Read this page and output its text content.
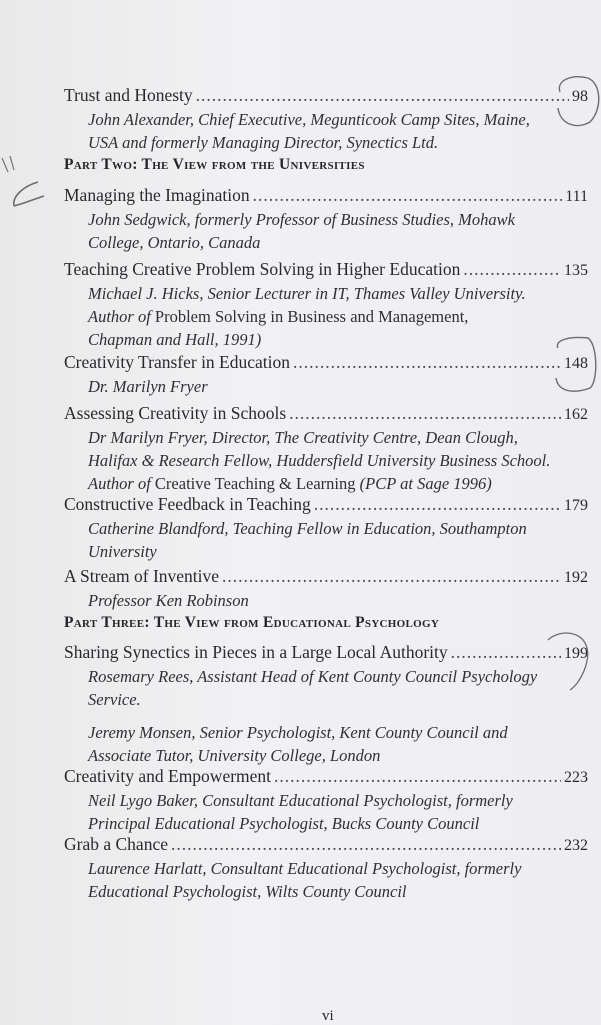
Trust and Honesty .....	98
John Alexander, Chief Executive, Megunticook Camp Sites, Maine,
USA and formerly Managing Director, Synectics Ltd.
Part Two: The View from the Universities
Managing the Imagination .....	111
John Sedgwick, formerly Professor of Business Studies, Mohawk
College, Ontario, Canada
Teaching Creative Problem Solving in Higher Education .....	135
Michael J. Hicks, Senior Lecturer in IT, Thames Valley University.
Author of Problem Solving in Business and Management,
Chapman and Hall, 1991)
Creativity Transfer in Education .....	148
Dr. Marilyn Fryer
Assessing Creativity in Schools .....	162
Dr Marilyn Fryer, Director, The Creativity Centre, Dean Clough,
Halifax & Research Fellow, Huddersfield University Business School.
Author of Creative Teaching & Learning (PCP at Sage 1996)
Constructive Feedback in Teaching .....	179
Catherine Blandford, Teaching Fellow in Education, Southampton
University
A Stream of Inventive .....	192
Professor Ken Robinson
Part Three: The View from Educational Psychology
Sharing Synectics in Pieces in a Large Local Authority .....	199
Rosemary Rees, Assistant Head of Kent County Council Psychology
Service.
Jeremy Monsen, Senior Psychologist, Kent County Council and
Associate Tutor, University College, London
Creativity and Empowerment .....	223
Neil Lygo Baker, Consultant Educational Psychologist, formerly
Principal Educational Psychologist, Bucks County Council
Grab a Chance .....	232
Laurence Harlatt, Consultant Educational Psychologist, formerly
Educational Psychologist, Wilts County Council
vi
